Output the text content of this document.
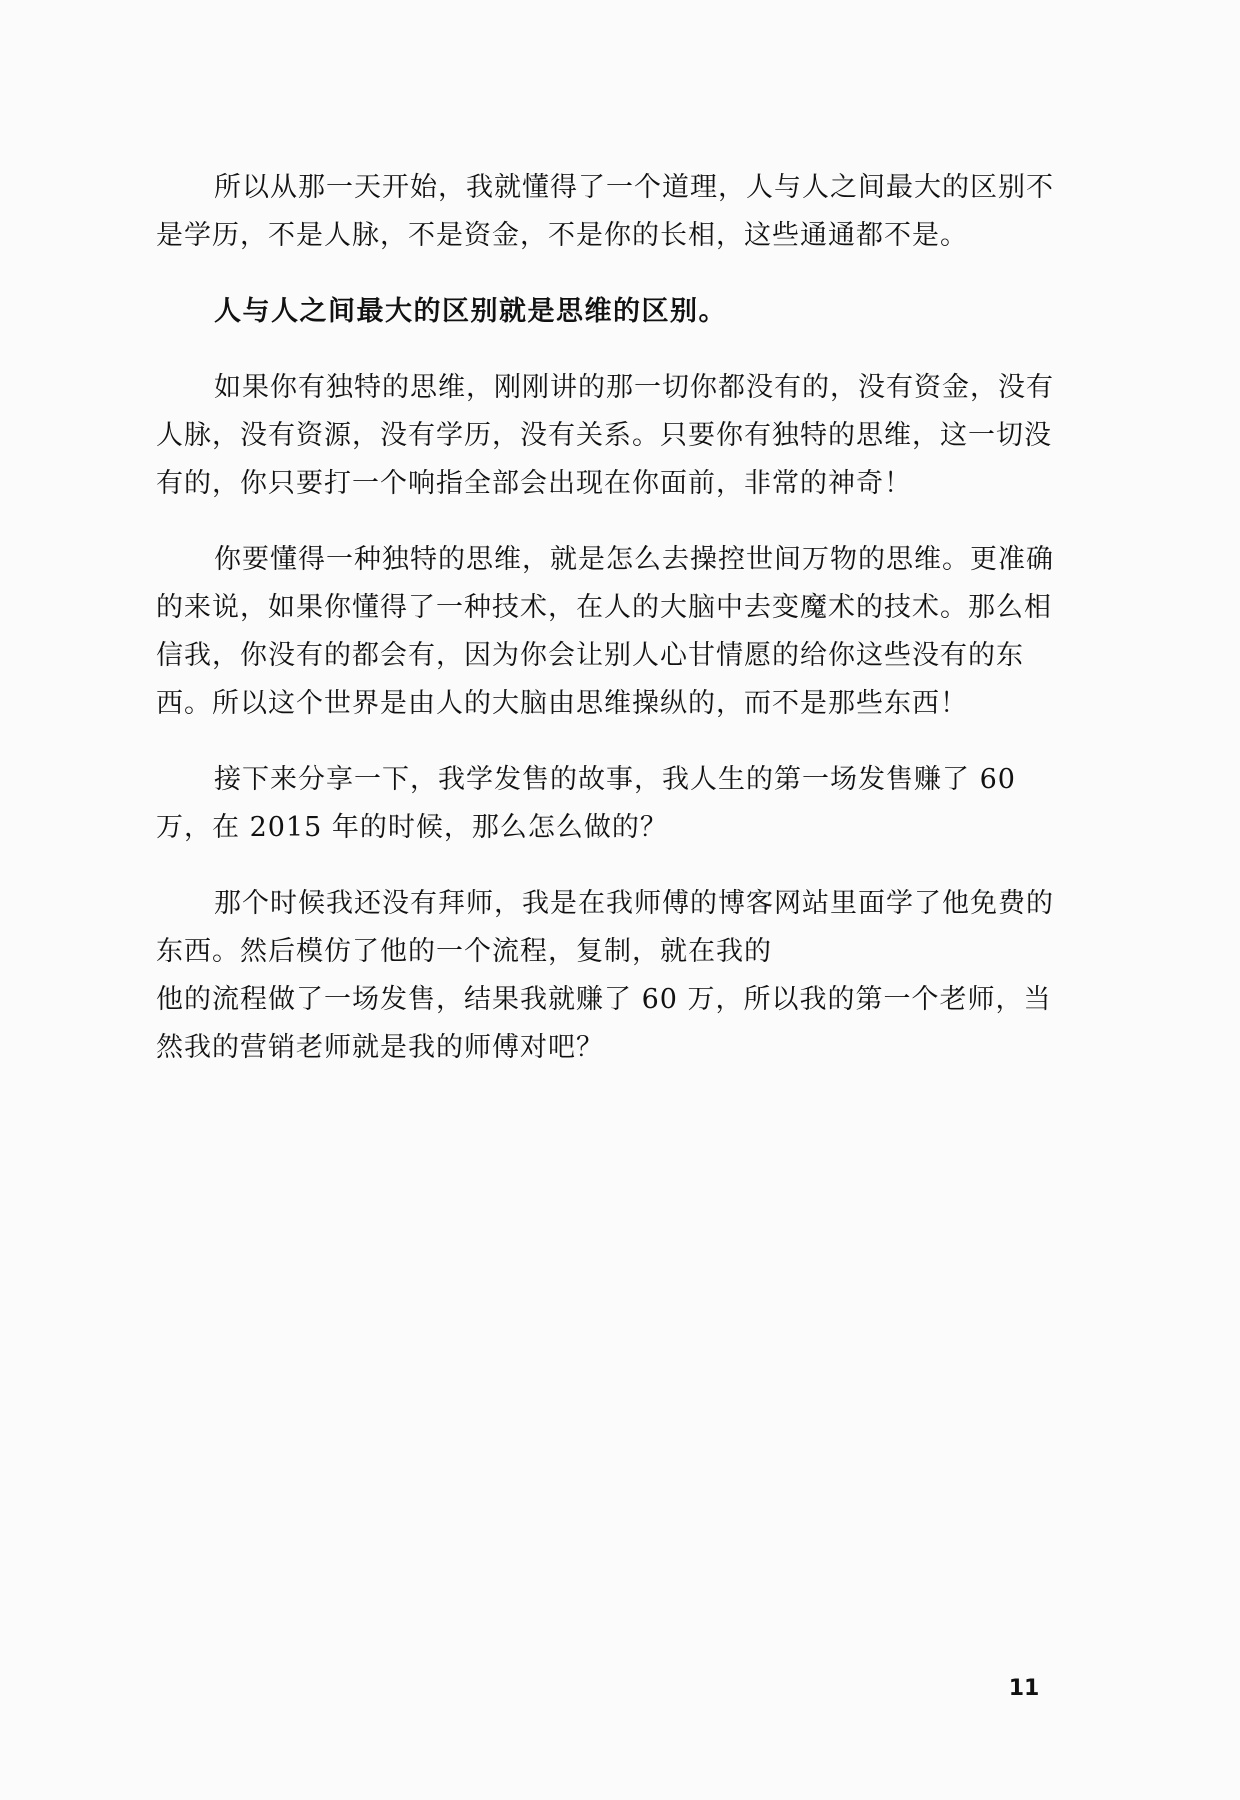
所以从那一天开始，我就懂得了一个道理，人与人之间最大的区别不是学历，不是人脉，不是资金，不是你的长相，这些通通都不是。

人与人之间最大的区别就是思维的区别。

如果你有独特的思维，刚刚讲的那一切你都没有的，没有资金，没有人脉，没有资源，没有学历，没有关系。只要你有独特的思维，这一切没有的，你只要打一个响指全部会出现在你面前，非常的神奇！

你要懂得一种独特的思维，就是怎么去操控世间万物的思维。更准确的来说，如果你懂得了一种技术，在人的大脑中去变魔术的技术。那么相信我，你没有的都会有，因为你会让别人心甘情愿的给你这些没有的东西。所以这个世界是由人的大脑由思维操纵的，而不是那些东西！

接下来分享一下，我学发售的故事，我人生的第一场发售赚了 60 万，在 2015 年的时候，那么怎么做的？

那个时候我还没有拜师，我是在我师傅的博客网站里面学了他免费的东西。然后模仿了他的一个流程，复制，就在我的

他的流程做了一场发售，结果我就赚了 60 万，所以我的第一个老师，当然我的营销老师就是我的师傅对吧？

11
